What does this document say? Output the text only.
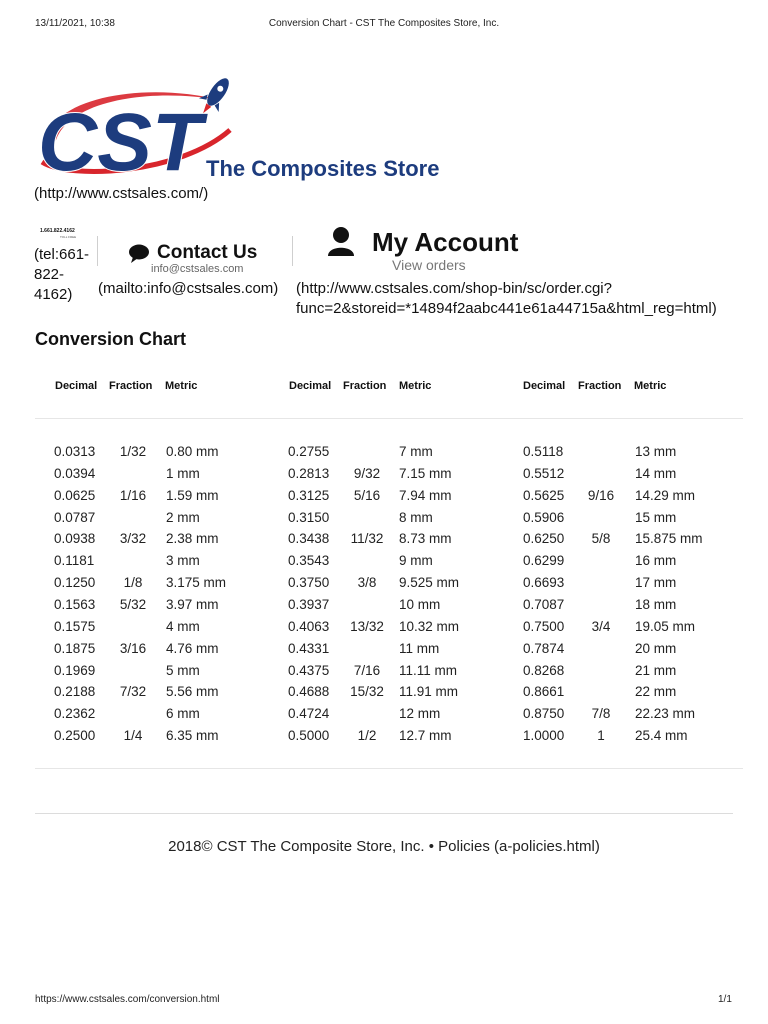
13/11/2021, 10:38	Conversion Chart - CST The Composites Store, Inc.
CST The Composites Store
(http://www.cstsales.com/)
1.661.822.4162
TOLL FREE
(tel:661-
822-
4162)
Contact Us
info@cstsales.com
(mailto:info@cstsales.com)
My Account
View orders
(http://www.cstsales.com/shop-bin/sc/order.cgi?
func=2&storeid=*14894f2aabc441e61a44715a&html_reg=html)
Conversion Chart
Decimal Fraction Metric	Decimal Fraction Metric	Decimal Fraction Metric
0.0313	1/32	0.80 mm
0.0394	1 mm
0.0625	1/16	1.59 mm
0.0787	2 mm
0.0938	3/32	2.38 mm
0.1181	3 mm
0.1250	1/8	3.175 mm
0.1563	5/32	3.97 mm
0.1575	4 mm
0.1875	3/16	4.76 mm
0.1969	5 mm
0.2188	7/32	5.56 mm
0.2362	6 mm
0.2500	1/4	6.35 mm
0.2755	7 mm
0.2813	9/32	7.15 mm
0.3125	5/16	7.94 mm
0.3150	8 mm
0.3438	11/32	8.73 mm
0.3543	9 mm
0.3750	3/8	9.525 mm
0.3937	10 mm
0.4063	13/32	10.32 mm
0.4331	11 mm
0.4375	7/16	11.11 mm
0.4688	15/32	11.91 mm
0.4724	12 mm
0.5000	1/2	12.7 mm
0.5118	13 mm
0.5512	14 mm
0.5625	9/16	14.29 mm
0.5906	15 mm
0.6250	5/8	15.875 mm
0.6299	16 mm
0.6693	17 mm
0.7087	18 mm
0.7500	3/4	19.05 mm
0.7874	20 mm
0.8268	21 mm
0.8661	22 mm
0.8750	7/8	22.23 mm
1.0000	1	25.4 mm
2018© CST The Composite Store, Inc. • Policies (a-policies.html)
https://www.cstsales.com/conversion.html	1/1
